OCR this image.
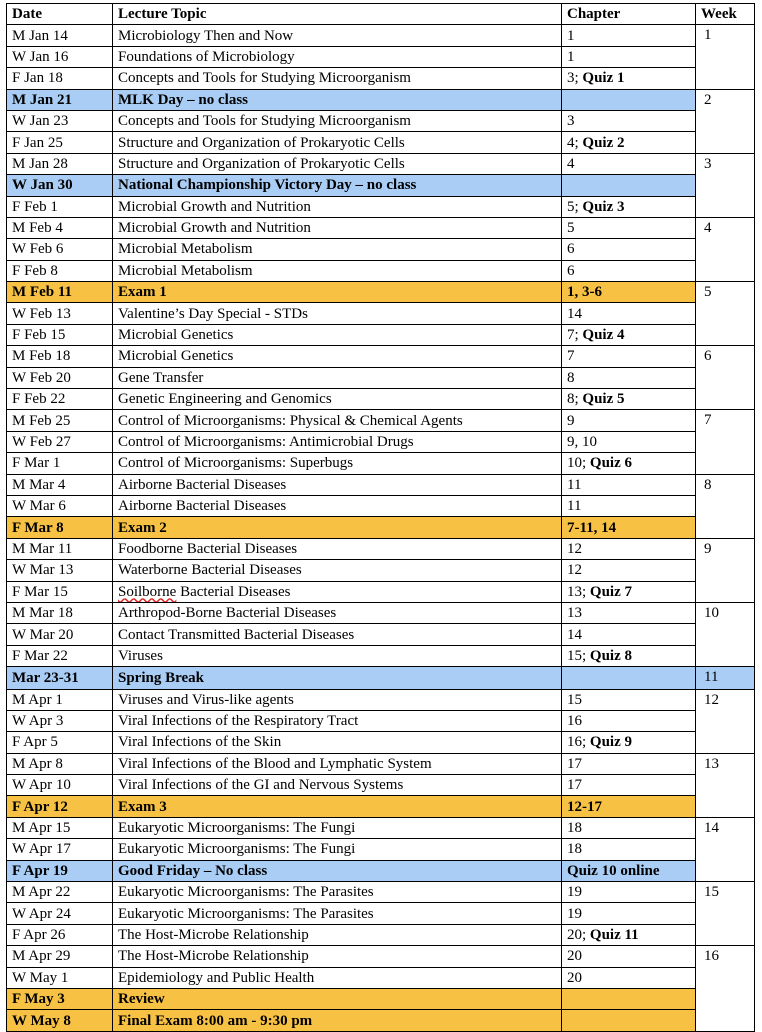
Date	Lecture Topic	Chapter	Week
M Jan 14	Microbiology Then and Now	1	1
W Jan 16	Foundations of Microbiology	1	
F Jan 18	Concepts and Tools for Studying Microorganism	3; Quiz 1	
M Jan 21	MLK Day – no class		2
W Jan 23	Concepts and Tools for Studying Microorganism	3	
F Jan 25	Structure and Organization of Prokaryotic Cells	4; Quiz 2	
M Jan 28	Structure and Organization of Prokaryotic Cells	4	3
W Jan 30	National Championship Victory Day – no class		
F Feb 1	Microbial Growth and Nutrition	5; Quiz 3	
M Feb 4	Microbial Growth and Nutrition	5	4
W Feb 6	Microbial Metabolism	6	
F Feb 8	Microbial Metabolism	6	
M Feb 11	Exam 1	1, 3-6	5
W Feb 13	Valentine’s Day Special - STDs	14	
F Feb 15	Microbial Genetics	7; Quiz 4	
M Feb 18	Microbial Genetics	7	6
W Feb 20	Gene Transfer	8	
F Feb 22	Genetic Engineering and Genomics	8; Quiz 5	
M Feb 25	Control of Microorganisms: Physical & Chemical Agents	9	7
W Feb 27	Control of Microorganisms: Antimicrobial Drugs	9, 10	
F Mar 1	Control of Microorganisms: Superbugs	10; Quiz 6	
M Mar 4	Airborne Bacterial Diseases	11	8
W Mar 6	Airborne Bacterial Diseases	11	
F Mar 8	Exam 2	7-11, 14	
M Mar 11	Foodborne Bacterial Diseases	12	9
W Mar 13	Waterborne Bacterial Diseases	12	
F Mar 15	Soilborne Bacterial Diseases	13; Quiz 7	
M Mar 18	Arthropod-Borne Bacterial Diseases	13	10
W Mar 20	Contact Transmitted Bacterial Diseases	14	
F Mar 22	Viruses	15; Quiz 8	
Mar 23-31	Spring Break		11
M Apr 1	Viruses and Virus-like agents	15	12
W Apr 3	Viral Infections of the Respiratory Tract	16	
F Apr 5	Viral Infections of the Skin	16; Quiz 9	
M Apr 8	Viral Infections of the Blood and Lymphatic System	17	13
W Apr 10	Viral Infections of the GI and Nervous Systems	17	
F Apr 12	Exam 3	12-17	
M Apr 15	Eukaryotic Microorganisms: The Fungi	18	14
W Apr 17	Eukaryotic Microorganisms: The Fungi	18	
F Apr 19	Good Friday – No class	Quiz 10 online	
M Apr 22	Eukaryotic Microorganisms: The Parasites	19	15
W Apr 24	Eukaryotic Microorganisms: The Parasites	19	
F Apr 26	The Host-Microbe Relationship	20; Quiz 11	
M Apr 29	The Host-Microbe Relationship	20	16
W May 1	Epidemiology and Public Health	20	
F May 3	Review		
W May 8	Final Exam 8:00 am - 9:30 pm		
